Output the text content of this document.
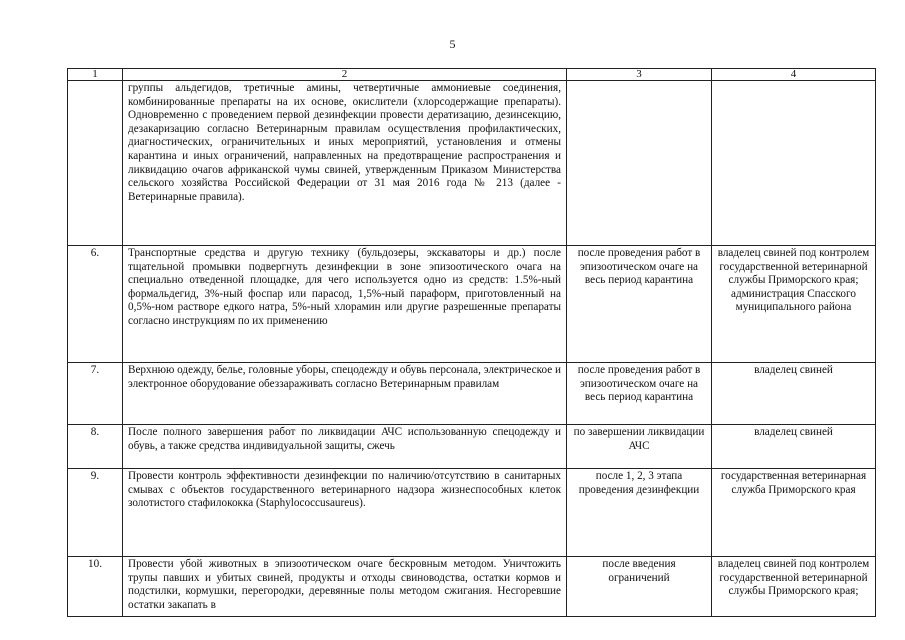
5
1	2	3	4
	группы альдегидов, третичные амины, четвертичные аммониевые соединения, комбинированные препараты на их основе, окислители (хлорсодержащие препараты). Одновременно с проведением первой дезинфекции провести дератизацию, дезинсекцию, дезакаризацию согласно Ветеринарным правилам осуществления профилактических, диагностических, ограничительных и иных мероприятий, установления и отмены карантина и иных ограничений, направленных на предотвращение распространения и ликвидацию очагов африканской чумы свиней, утвержденным Приказом Министерства сельского хозяйства Российской Федерации от 31 мая 2016 года № 213 (далее - Ветеринарные правила).		
6.	Транспортные средства и другую технику (бульдозеры, экскаваторы и др.) после тщательной промывки подвергнуть дезинфекции в зоне эпизоотического очага на специально отведенной площадке, для чего используется одно из средств: 1.5%-ный формальдегид, 3%-ный фоспар или парасод, 1,5%-ный параформ, приготовленный на 0,5%-ном растворе едкого натра, 5%-ный хлорамин или другие разрешенные препараты согласно инструкциям по их применению	после проведения работ в эпизоотическом очаге на весь период карантина	владелец свиней под контролем государственной ветеринарной службы Приморского края; администрация Спасского муниципального района
7.	Верхнюю одежду, белье, головные уборы, спецодежду и обувь персонала, электрическое и электронное оборудование обеззараживать согласно Ветеринарным правилам	после проведения работ в эпизоотическом очаге на весь период карантина	владелец свиней
8.	После полного завершения работ по ликвидации АЧС использованную спецодежду и обувь, а также средства индивидуальной защиты, сжечь	по завершении ликвидации АЧС	владелец свиней
9.	Провести контроль эффективности дезинфекции по наличию/отсутствию в санитарных смывах с объектов государственного ветеринарного надзора жизнеспособных клеток золотистого стафилококка (Staphylococcusaureus).	после 1, 2, 3 этапа проведения дезинфекции	государственная ветеринарная служба Приморского края
10.	Провести убой животных в эпизоотическом очаге бескровным методом. Уничтожить трупы павших и убитых свиней, продукты и отходы свиноводства, остатки кормов и подстилки, кормушки, перегородки, деревянные полы методом сжигания. Несгоревшие остатки закапать в	после введения ограничений	владелец свиней под контролем государственной ветеринарной службы Приморского края;
